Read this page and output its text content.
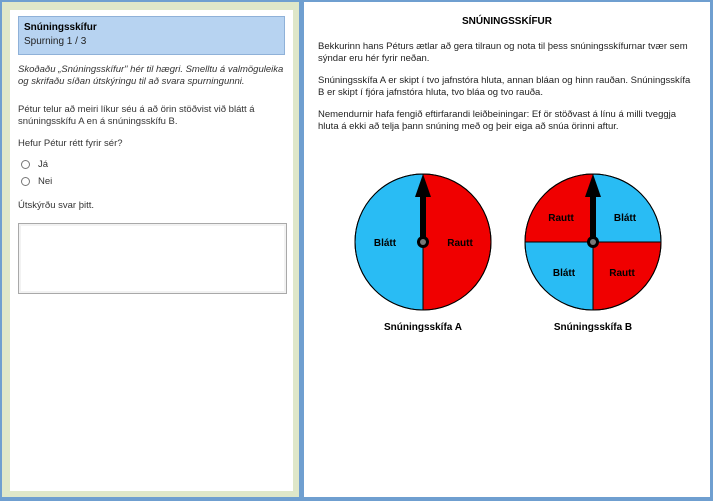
Snúningsskífur
Spurning 1 / 3
Skoðaðu „Snúningsskífur" hér til hægri. Smelltu á valmöguleika og skrifaðu síðan útskýringu til að svara spurningunni.
Pétur telur að meiri líkur séu á að örin stöðvist við blátt á snúningsskífu A en á snúningsskífu B.
Hefur Pétur rétt fyrir sér?
Já
Nei
Útskýrðu svar þitt.
SNÚNINGSSKÍFUR
Bekkurinn hans Péturs ætlar að gera tilraun og nota til þess snúningsskífurnar tvær sem sýndar eru hér fyrir neðan.
Snúningsskífa A er skipt í tvo jafnstóra hluta, annan bláan og hinn rauðan. Snúningsskífa B er skipt í fjóra jafnstóra hluta, tvo bláa og tvo rauða.
Nemendurnir hafa fengið eftirfarandi leiðbeiningar: Ef ör stöðvast á línu á milli tveggja hluta á ekki að telja þann snúning með og þeir eiga að snúa örinni aftur.
Blátt	Rautt
Snúningsskífa A
Rautt	Blátt
Blátt	Rautt
Snúningsskífa B
